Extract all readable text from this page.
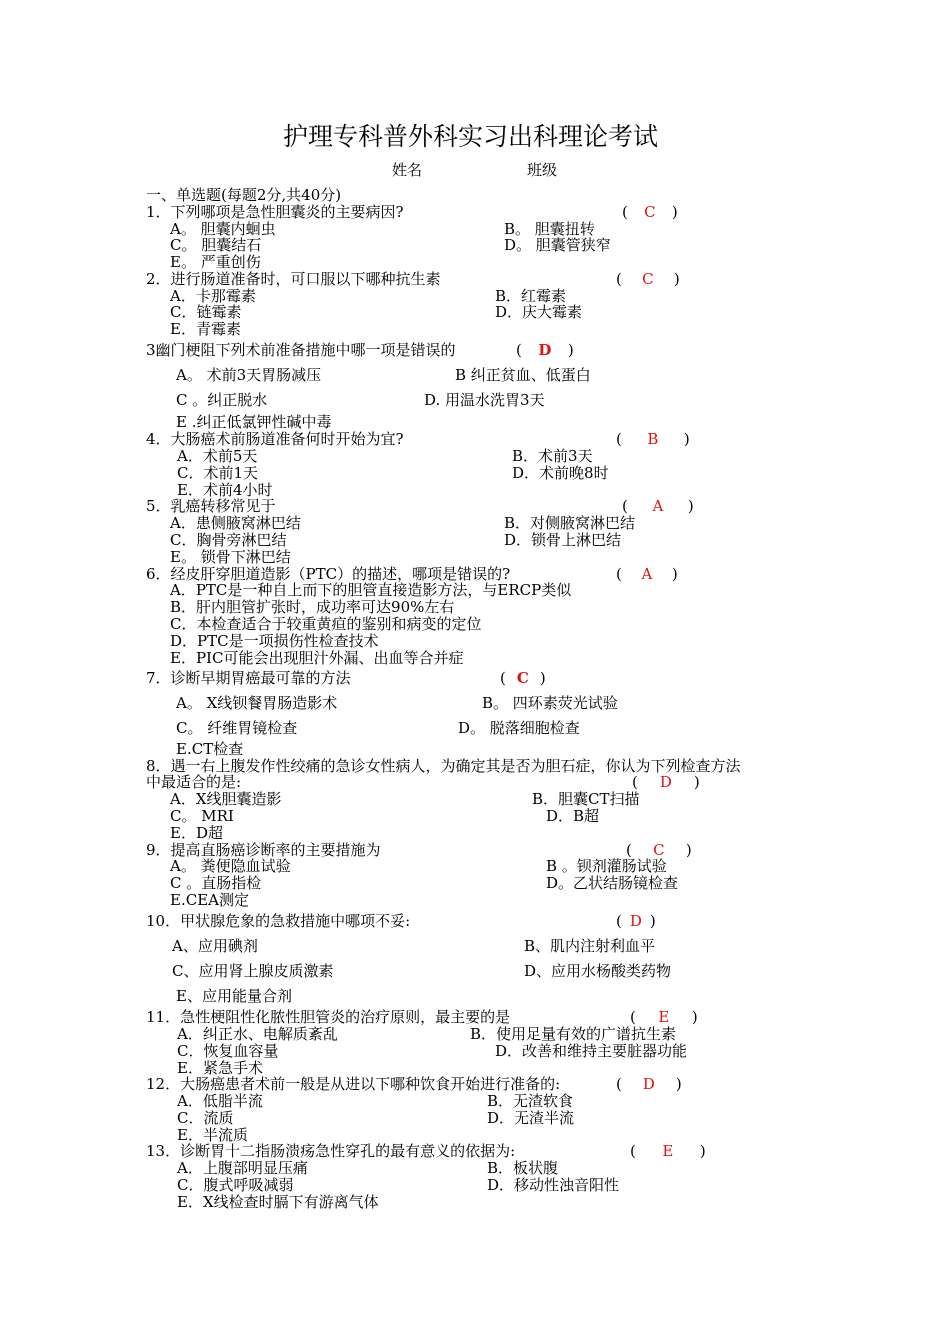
护理专科普外科实习出科理论考试
姓名	班级
一、单选题(每题2分,共40分)
1．下列哪项是急性胆囊炎的主要病因?	( C )
A。 胆囊内蛔虫	B。 胆囊扭转
C。 胆囊结石	D。 胆囊管狭窄
E。 严重创伤
2．进行肠道准备时，可口服以下哪种抗生素	( C )
A．卡那霉素	B．红霉素
C．链霉素	D．庆大霉素
E．青霉素
3幽门梗阻下列术前准备措施中哪一项是错误的	( D )
A。 术前3天胃肠减压	B 纠正贫血、低蛋白
C 。纠正脱水	D. 用温水洗胃3天
E .纠正低氯钾性碱中毒
4．大肠癌术前肠道准备何时开始为宜?	( B )
A．术前5天	B．术前3天
C．术前1天	D．术前晚8时
E．术前4小时
5．乳癌转移常见于	( A )
A．患侧腋窝淋巴结	B．对侧腋窝淋巴结
C．胸骨旁淋巴结	D．锁骨上淋巴结
E。 锁骨下淋巴结
6．经皮肝穿胆道造影（PTC）的描述，哪项是错误的?	( A )
A．PTC是一种自上而下的胆管直接造影方法，与ERCP类似
B．肝内胆管扩张时，成功率可达90%左右
C．本检查适合于较重黄疸的鉴别和病变的定位
D．PTC是一项损伤性检查技术
E．PIC可能会出现胆汁外漏、出血等合并症
7．诊断早期胃癌最可靠的方法	( C )
A。 X线钡餐胃肠造影术	B。 四环素荧光试验
C。 纤维胃镜检查	D。 脱落细胞检查
E.CT检查
8．遇一右上腹发作性绞痛的急诊女性病人，为确定其是否为胆石症，你认为下列检查方法
中最适合的是:	( D )
A．X线胆囊造影	B．胆囊CT扫描
C。 MRI	D．B超
E．D超
9．提高直肠癌诊断率的主要措施为	( C )
A。 粪便隐血试验	B 。钡剂灌肠试验
C 。直肠指检	D。乙状结肠镜检查
E.CEA测定
10．甲状腺危象的急救措施中哪项不妥:	( D )
A、应用碘剂	B、肌内注射利血平
C、应用肾上腺皮质激素	D、应用水杨酸类药物
E、应用能量合剂
11．急性梗阻性化脓性胆管炎的治疗原则，最主要的是	( E )
A．纠正水、电解质紊乱	B．使用足量有效的广谱抗生素
C．恢复血容量	D．改善和维持主要脏器功能
E．紧急手术
12．大肠癌患者术前一般是从进以下哪种饮食开始进行准备的:	( D )
A．低脂半流	B．无渣软食
C．流质	D．无渣半流
E．半流质
13．诊断胃十二指肠溃疡急性穿孔的最有意义的依据为:	( E )
A．上腹部明显压痛	B．板状腹
C．腹式呼吸减弱	D．移动性浊音阳性
E．X线检查时膈下有游离气体
